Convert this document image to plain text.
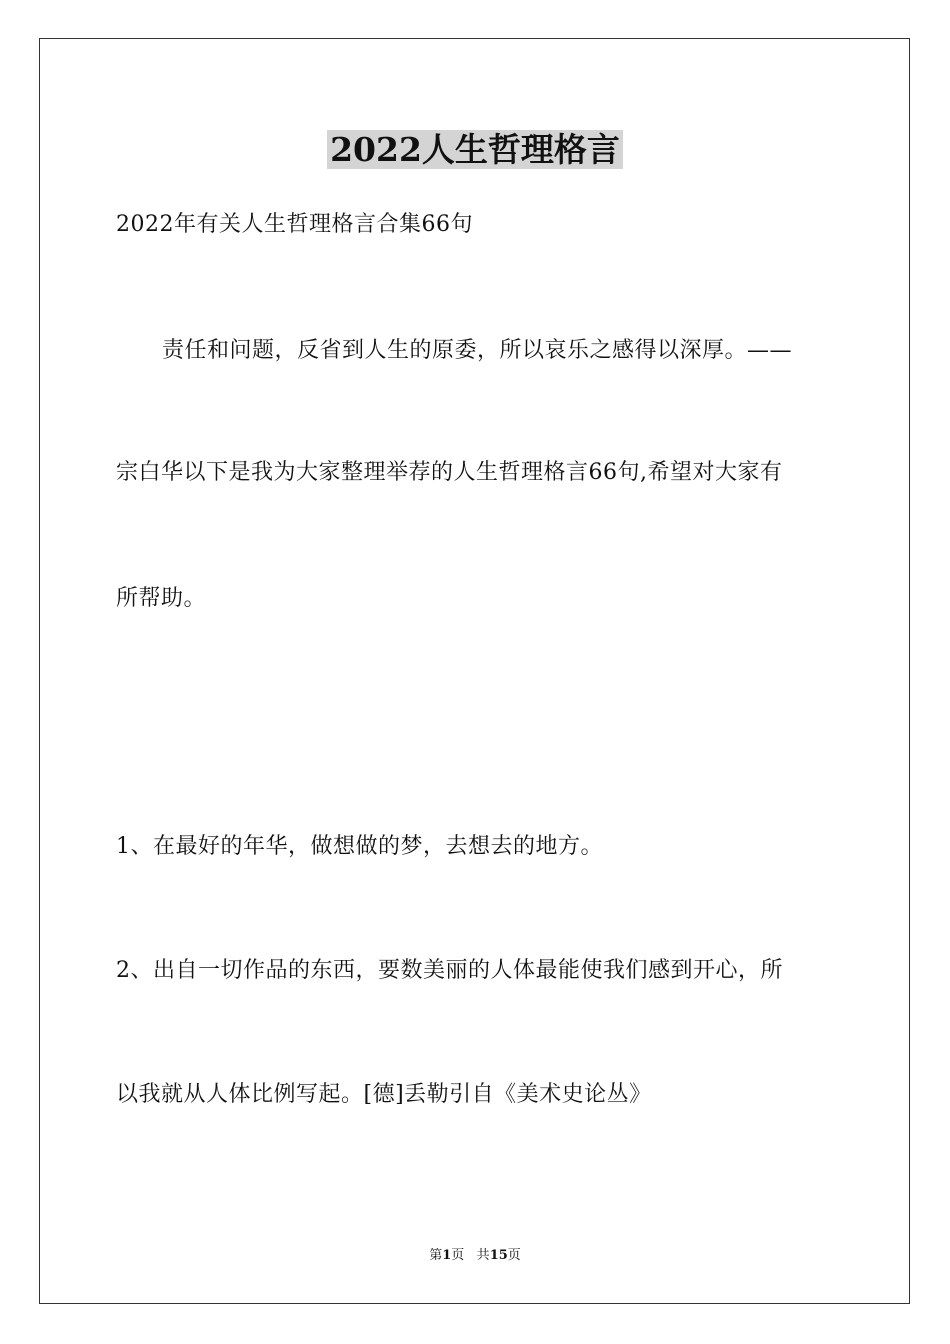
2022人生哲理格言
2022年有关人生哲理格言合集66句
责任和问题，反省到人生的原委，所以哀乐之感得以深厚。——
宗白华以下是我为大家整理举荐的人生哲理格言66句,希望对大家有
所帮助。
1、在最好的年华，做想做的梦，去想去的地方。
2、出自一切作品的东西，要数美丽的人体最能使我们感到开心，所
以我就从人体比例写起。[德]丢勒引自《美术史论丛》
第1页 共15页
